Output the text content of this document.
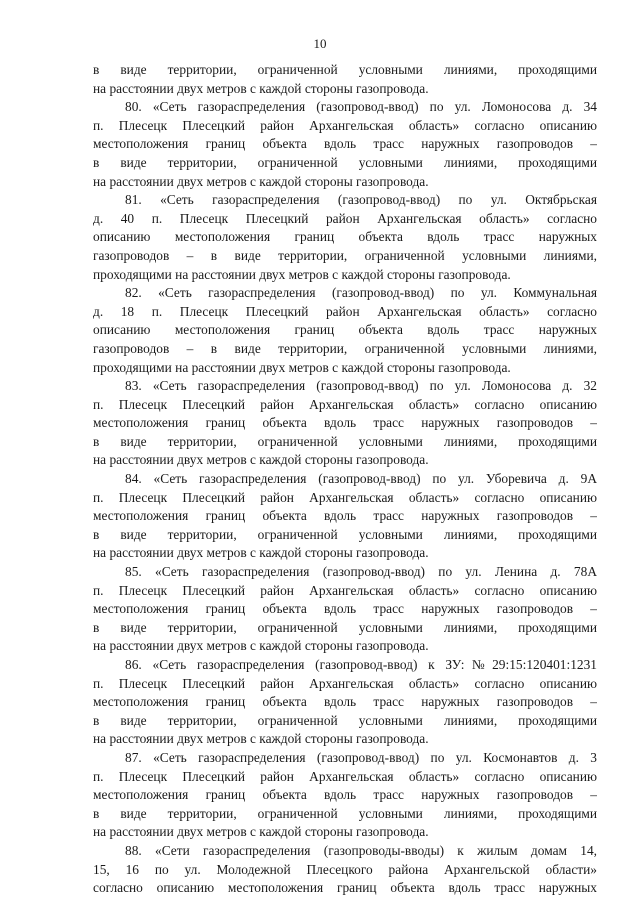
10
в виде территории, ограниченной условными линиями, проходящими
на расстоянии двух метров с каждой стороны газопровода.
80. «Сеть газораспределения (газопровод-ввод) по ул. Ломоносова д. 34
п. Плесецк Плесецкий район Архангельская область» согласно описанию
местоположения границ объекта вдоль трасс наружных газопроводов –
в виде территории, ограниченной условными линиями, проходящими
на расстоянии двух метров с каждой стороны газопровода.
81. «Сеть газораспределения (газопровод-ввод) по ул. Октябрьская
д. 40 п. Плесецк Плесецкий район Архангельская область» согласно
описанию местоположения границ объекта вдоль трасс наружных
газопроводов – в виде территории, ограниченной условными линиями,
проходящими на расстоянии двух метров с каждой стороны газопровода.
82. «Сеть газораспределения (газопровод-ввод) по ул. Коммунальная
д. 18 п. Плесецк Плесецкий район Архангельская область» согласно
описанию местоположения границ объекта вдоль трасс наружных
газопроводов – в виде территории, ограниченной условными линиями,
проходящими на расстоянии двух метров с каждой стороны газопровода.
83. «Сеть газораспределения (газопровод-ввод) по ул. Ломоносова д. 32
п. Плесецк Плесецкий район Архангельская область» согласно описанию
местоположения границ объекта вдоль трасс наружных газопроводов –
в виде территории, ограниченной условными линиями, проходящими
на расстоянии двух метров с каждой стороны газопровода.
84. «Сеть газораспределения (газопровод-ввод) по ул. Уборевича д. 9А
п. Плесецк Плесецкий район Архангельская область» согласно описанию
местоположения границ объекта вдоль трасс наружных газопроводов –
в виде территории, ограниченной условными линиями, проходящими
на расстоянии двух метров с каждой стороны газопровода.
85. «Сеть газораспределения (газопровод-ввод) по ул. Ленина д. 78А
п. Плесецк Плесецкий район Архангельская область» согласно описанию
местоположения границ объекта вдоль трасс наружных газопроводов –
в виде территории, ограниченной условными линиями, проходящими
на расстоянии двух метров с каждой стороны газопровода.
86. «Сеть газораспределения (газопровод-ввод) к ЗУ:№29:15:120401:1231
п. Плесецк Плесецкий район Архангельская область» согласно описанию
местоположения границ объекта вдоль трасс наружных газопроводов –
в виде территории, ограниченной условными линиями, проходящими
на расстоянии двух метров с каждой стороны газопровода.
87. «Сеть газораспределения (газопровод-ввод) по ул. Космонавтов д. 3
п. Плесецк Плесецкий район Архангельская область» согласно описанию
местоположения границ объекта вдоль трасс наружных газопроводов –
в виде территории, ограниченной условными линиями, проходящими
на расстоянии двух метров с каждой стороны газопровода.
88. «Сети газораспределения (газопроводы-вводы) к жилым домам 14,
15, 16 по ул. Молодежной Плесецкого района Архангельской области»
согласно описанию местоположения границ объекта вдоль трасс наружных
